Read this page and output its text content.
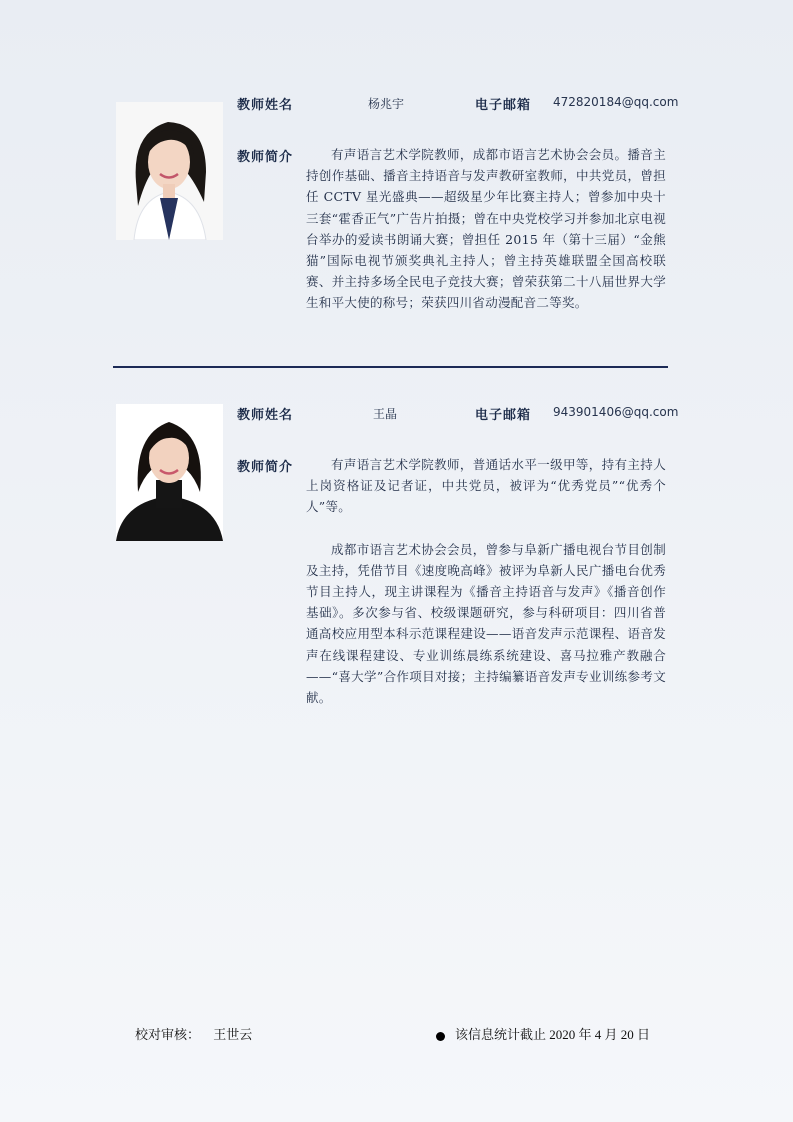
教师姓名	杨兆宇	电子邮箱 472820184@qq.com
教师简介	有声语言艺术学院教师，成都市语言艺术协会会员。播音主持创作基础、播音主持语音与发声教研室教师，中共党员，曾担任 CCTV 星光盛典——超级星少年比赛主持人；曾参加中央十三套“霍香正气”广告片拍摄；曾在中央党校学习并参加北京电视台举办的爱读书朗诵大赛；曾担任 2015 年（第十三届）“金熊猫”国际电视节颁奖典礼主持人；曾主持英雄联盟全国高校联赛、并主持多场全民电子竞技大赛；曾荣获第二十八届世界大学生和平大使的称号；荣获四川省动漫配音二等奖。

教师姓名	王晶	电子邮箱 943901406@qq.com
教师简介	有声语言艺术学院教师，普通话水平一级甲等，持有主持人上岗资格证及记者证，中共党员，被评为“优秀党员”“优秀个人”等。

成都市语言艺术协会会员，曾参与阜新广播电视台节目创制及主持，凭借节目《速度晚高峰》被评为阜新人民广播电台优秀节目主持人，现主讲课程为《播音主持语音与发声》《播音创作基础》。多次参与省、校级课题研究，参与科研项目：四川省普通高校应用型本科示范课程建设——语音发声示范课程、语音发声在线课程建设、专业训练晨练系统建设、喜马拉雅产教融合——“喜大学”合作项目对接；主持编纂语音发声专业训练参考文献。

校对审核： 王世云	该信息统计截止 2020 年 4 月 20 日
